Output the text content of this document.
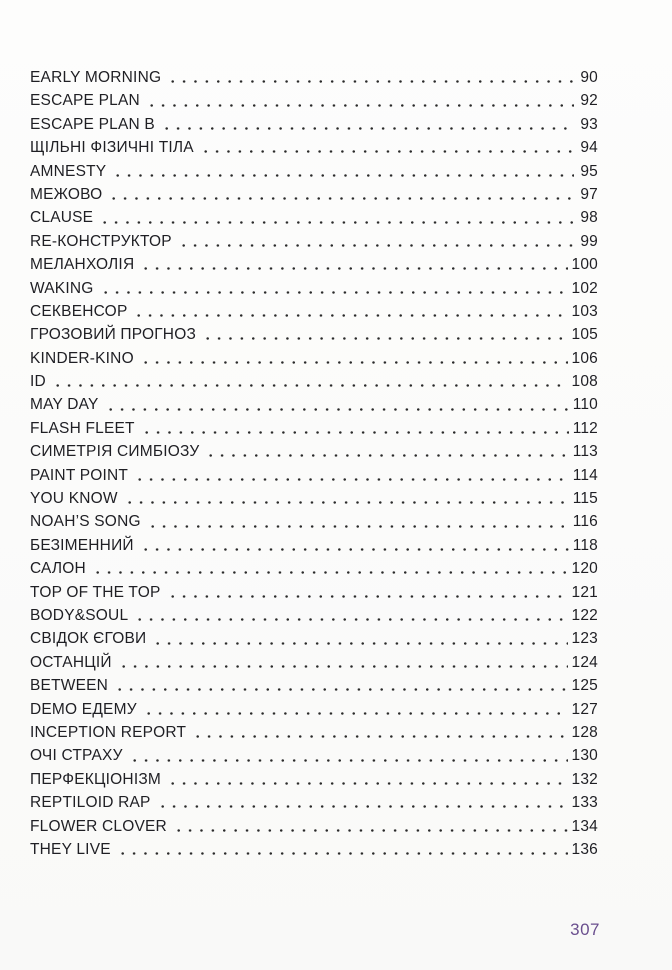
EARLY MORNING	90
ESCAPE PLAN	92
ESCAPE PLAN B	93
ЩІЛЬНІ ФІЗИЧНІ ТІЛА	94
AMNESTY	95
МЕЖОВО	97
CLAUSE	98
RE-КОНСТРУКТОР	99
МЕЛАНХОЛІЯ	100
WAKING	102
СЕКВЕНСОР	103
ГРОЗОВИЙ ПРОГНОЗ	105
KINDER-KINO	106
ID	108
MAY DAY	110
FLASH FLEET	112
СИМЕТРІЯ СИМБІОЗУ	113
PAINT POINT	114
YOU KNOW	115
NOAH’S SONG	116
БЕЗІМЕННИЙ	118
САЛОН	120
TOP OF THE TOP	121
BODY&SOUL	122
СВІДОК ЄГОВИ	123
ОСТАНЦІЙ	124
BETWEEN	125
DEMO ЕДЕМУ	127
INCEPTION REPORT	128
ОЧІ СТРАХУ	130
ПЕРФЕКЦІОНІЗМ	132
REPTILOID RAP	133
FLOWER CLOVER	134
THEY LIVE	136
307
